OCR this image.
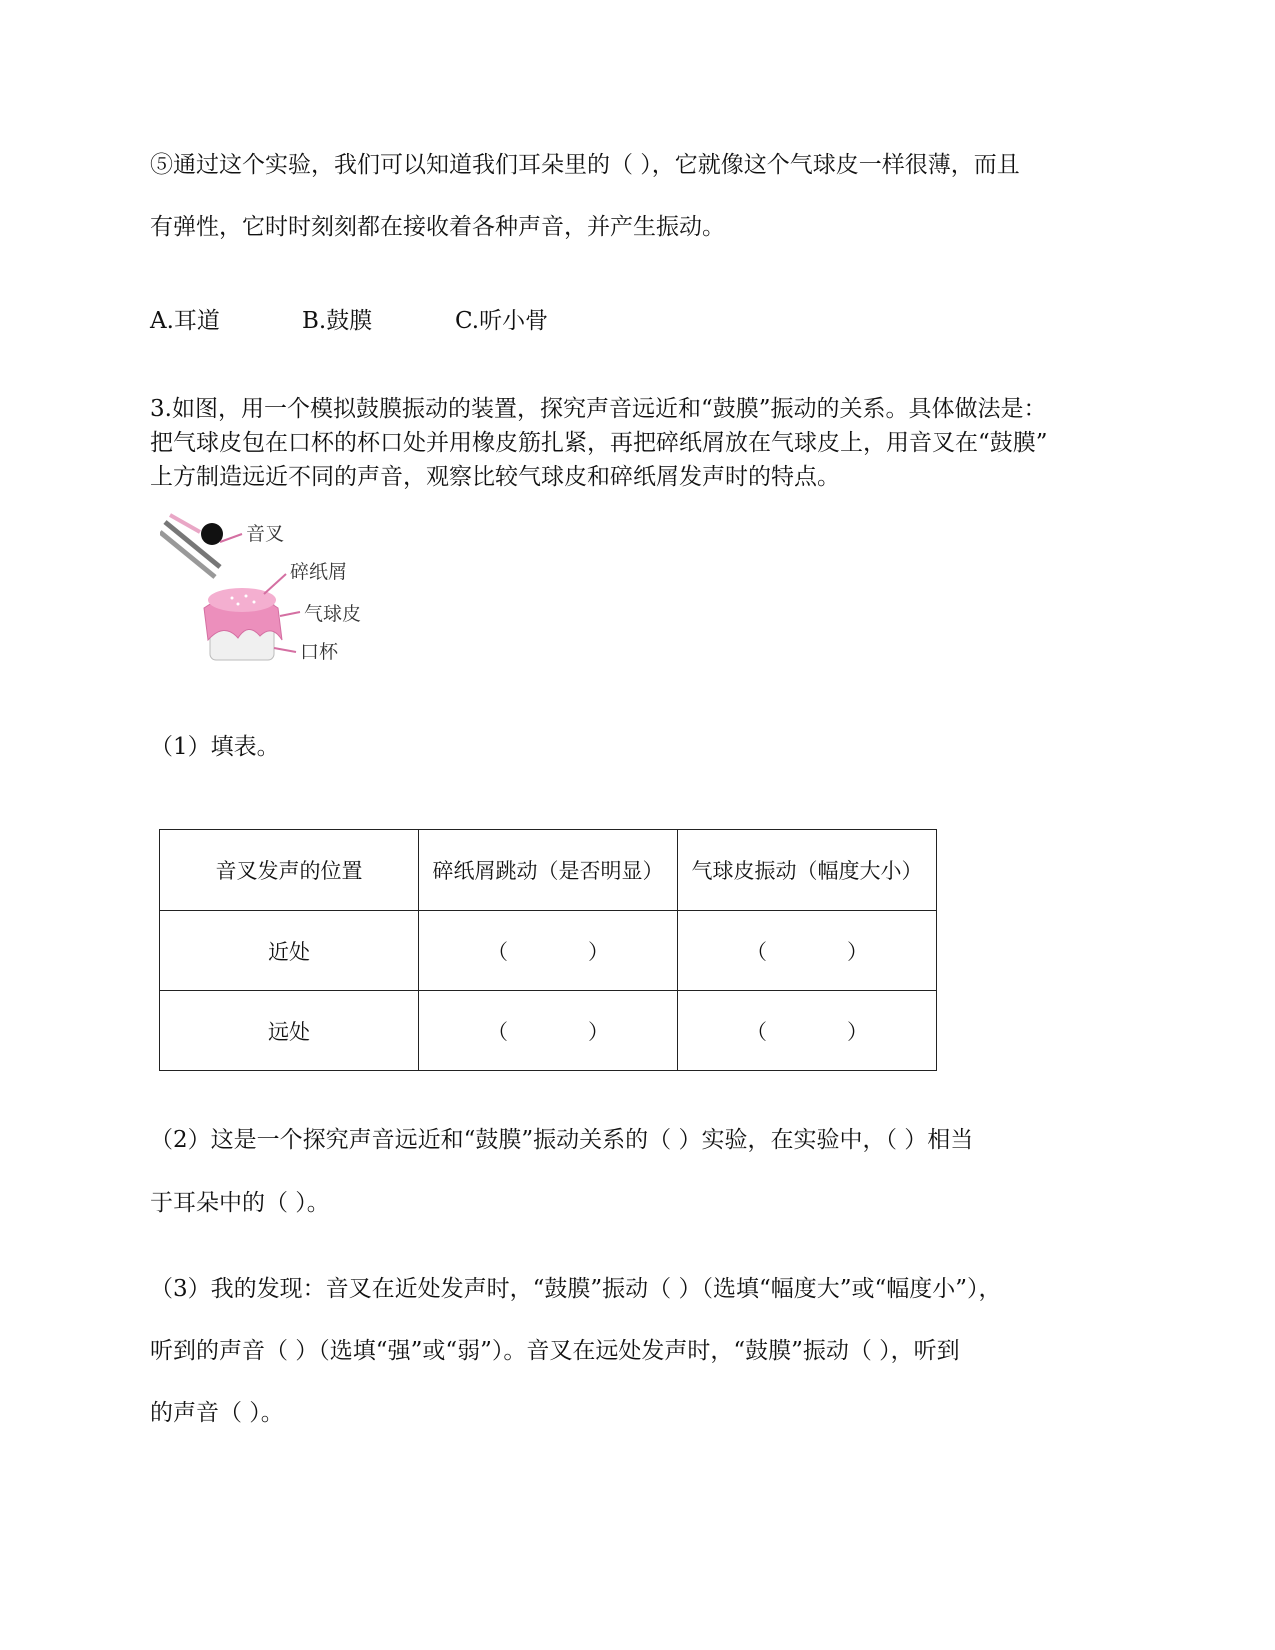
⑤通过这个实验，我们可以知道我们耳朵里的（ ），它就像这个气球皮一样很薄，而且
有弹性，它时时刻刻都在接收着各种声音，并产生振动。
A.耳道	B.鼓膜	C.听小骨
3.如图，用一个模拟鼓膜振动的装置，探究声音远近和“鼓膜”振动的关系。具体做法是：
把气球皮包在口杯的杯口处并用橡皮筋扎紧，再把碎纸屑放在气球皮上，用音叉在“鼓膜”
上方制造远近不同的声音，观察比较气球皮和碎纸屑发声时的特点。
音叉
碎纸屑
气球皮
口杯
（1）填表。
音叉发声的位置	碎纸屑跳动（是否明显）	气球皮振动（幅度大小）
近处	（ ）	（ ）
远处	（ ）	（ ）
（2）这是一个探究声音远近和“鼓膜”振动关系的（ ）实验，在实验中，（ ）相当
于耳朵中的（ ）。
（3）我的发现：音叉在近处发声时，“鼓膜”振动（ ）（选填“幅度大”或“幅度小”），
听到的声音（ ）（选填“强”或“弱”）。音叉在远处发声时，“鼓膜”振动（ ），听到
的声音（ ）。
